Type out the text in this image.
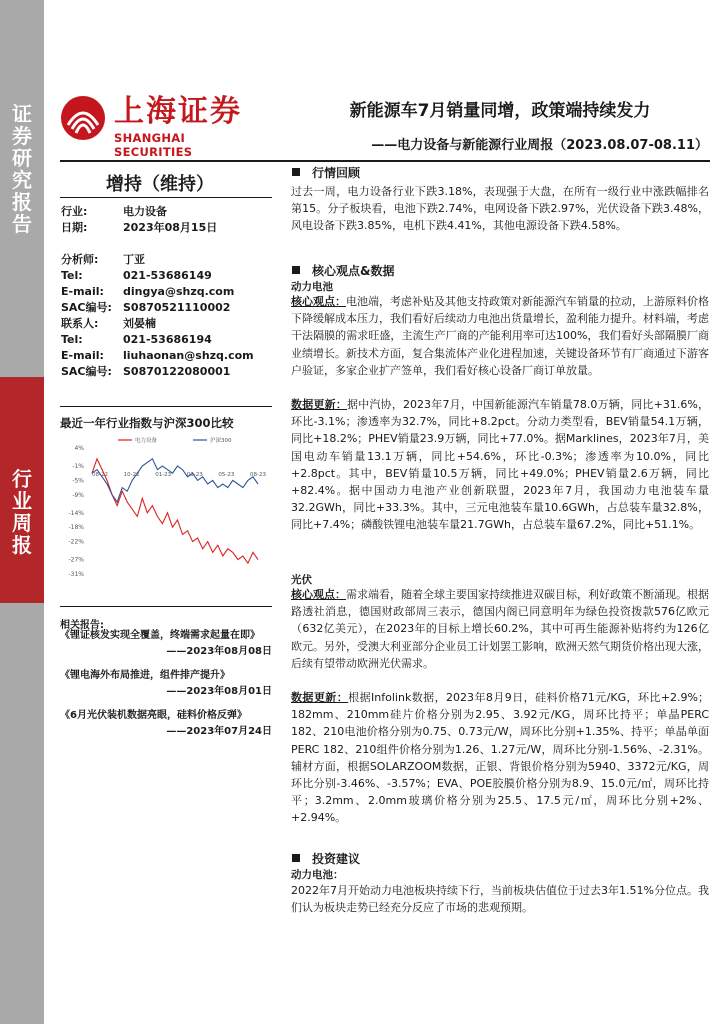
证
券
研
究
报
告
行
业
周
报
上海证券
SHANGHAI SECURITIES
新能源车7月销量同增，政策端持续发力
——电力设备与新能源行业周报（2023.08.07-08.11）
增持（维持）
行业:	电力设备
日期:	2023年08月15日
分析师: 丁亚
Tel:	021-53686149
E-mail: dingya@shzq.com
SAC编号: S0870521110002
联系人: 刘晏楠
Tel:	021-53686194
E-mail: liuhaonan@shzq.com
SAC编号: S0870122080001
最近一年行业指数与沪深300比较
4%
-1%
-5%
-9%
-14%
-18%
-22%
-27%
-31%
08-22	10-22	01-23	03-23	05-23	08-23
电力设备	沪深300
相关报告:
《锂证核发实现全覆盖，终端需求起量在即》
——2023年08月08日
《锂电海外布局推进，组件排产提升》
——2023年08月01日
《6月光伏装机数据亮眼，硅料价格反弹》
——2023年07月24日
行情回顾
过去一周，电力设备行业下跌3.18%，表现强于大盘，在所有一级行业中涨跌幅排名第15。分子板块看，电池下跌2.74%，电网设备下跌2.97%，光伏设备下跌3.48%，风电设备下跌3.85%，电机下跌4.41%，其他电源设备下跌4.58%。
核心观点&数据
动力电池
核心观点：电池端，考虑补贴及其他支持政策对新能源汽车销量的拉动，上游原料价格下降缓解成本压力，我们看好后续动力电池出货量增长，盈利能力提升。材料端，考虑干法隔膜的需求旺盛，主流生产厂商的产能利用率可达100%，我们看好头部隔膜厂商业绩增长。新技术方面，复合集流体产业化进程加速，关键设备环节有厂商通过下游客户验证，多家企业扩产签单，我们看好核心设备厂商订单放量。
数据更新：据中汽协，2023年7月，中国新能源汽车销量78.0万辆，同比+31.6%，环比-3.1%；渗透率为32.7%，同比+8.2pct。分动力类型看，BEV销量54.1万辆，同比+18.2%；PHEV销量23.9万辆，同比+77.0%。据Marklines，2023年7月，美国电动车销量13.1万辆，同比+54.6%，环比-0.3%；渗透率为10.0%，同比+2.8pct。其中，BEV销量10.5万辆，同比+49.0%；PHEV销量2.6万辆，同比+82.4%。据中国动力电池产业创新联盟，2023年7月，我国动力电池装车量32.2GWh，同比+33.3%。其中，三元电池装车量10.6GWh，占总装车量32.8%，同比+7.4%；磷酸铁锂电池装车量21.7GWh，占总装车量67.2%，同比+51.1%。
光伏
核心观点：需求端看，随着全球主要国家持续推进双碳目标，利好政策不断涌现。根据路透社消息，德国财政部周三表示，德国内阁已同意明年为绿色投资拨款576亿欧元（632亿美元），在2023年的目标上增长60.2%，其中可再生能源补贴将约为126亿欧元。另外，受澳大利亚部分企业员工计划罢工影响，欧洲天然气期货价格出现大涨，后续有望带动欧洲光伏需求。
数据更新：根据Infolink数据，2023年8月9日，硅料价格71元/KG，环比+2.9%；182mm、210mm硅片价格分别为2.95、3.92元/KG，周环比持平；单晶PERC 182、210电池价格分别为0.75、0.73元/W，周环比分别+1.35%、持平；单晶单面PERC 182、210组件价格分别为1.26、1.27元/W，周环比分别-1.56%、-2.31%。辅材方面，根据SOLARZOOM数据，正银、背银价格分别为5940、3372元/KG，周环比分别-3.46%、-3.57%；EVA、POE胶膜价格分别为8.9、15.0元/㎡，周环比持平；3.2mm、2.0mm玻璃价格分别为25.5、17.5元/㎡，周环比分别+2%、+2.94%。
投资建议
动力电池：
2022年7月开始动力电池板块持续下行，当前板块估值位于过去3年1.51%分位点。我们认为板块走势已经充分反应了市场的悲观预期。
